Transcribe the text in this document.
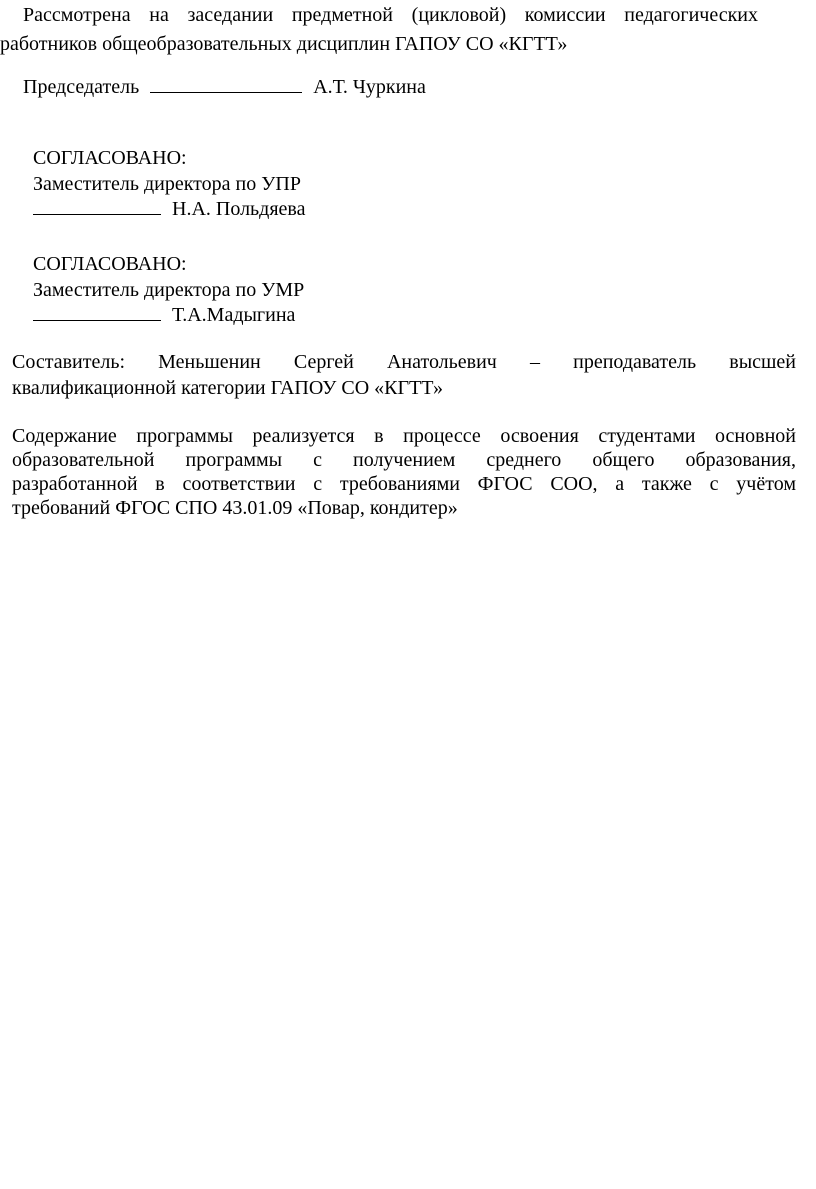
Рассмотрена на заседании предметной (цикловой) комиссии педагогических
работников общеобразовательных дисциплин ГАПОУ СО «КГТТ»
Председатель	А.Т. Чуркина
СОГЛАСОВАНО:
Заместитель директора по УПР
Н.А. Польдяева
СОГЛАСОВАНО:
Заместитель директора по УМР
Т.А.Мадыгина
Составитель: Меньшенин Сергей Анатольевич – преподаватель высшей
квалификационной категории ГАПОУ СО «КГТТ»
Содержание программы реализуется в процессе освоения студентами основной
образовательной программы с получением среднего общего образования,
разработанной в соответствии с требованиями ФГОС СОО, а также с учётом
требований ФГОС СПО 43.01.09 «Повар, кондитер»
